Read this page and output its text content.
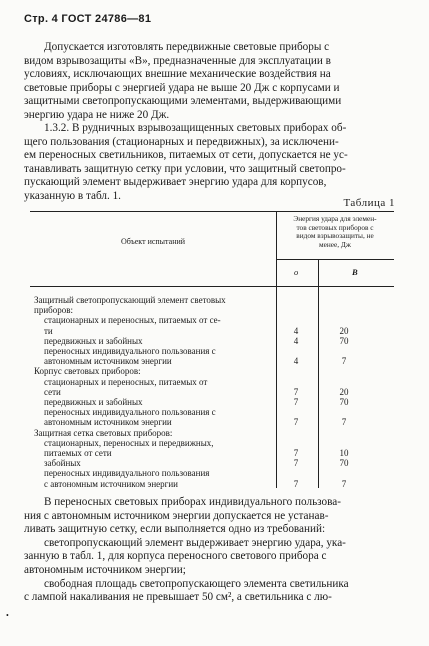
Стр. 4 ГОСТ 24786—81
Допускается изготовлять передвижные световые приборы с
видом взрывозащиты «В», предназначенные для эксплуатации в
условиях, исключающих внешние механические воздействия на
световые приборы с энергией удара не выше 20 Дж с корпусами и
защитными светопропускающими элементами, выдерживающими
энергию удара не ниже 20 Дж.
1.3.2. В рудничных взрывозащищенных световых приборах об-
щего пользования (стационарных и передвижных), за исключени-
ем переносных светильников, питаемых от сети, допускается не ус-
танавливать защитную сетку при условии, что защитный светопро-
пускающий элемент выдерживает энергию удара для корпусов,
указанную в табл. 1.
Таблица 1
Объект испытаний
Энергия удара для элемен-
тов световых приборов с
видом взрывозащиты, не
менее, Дж
о	В
Защитный светопропускающий элемент световых
приборов:
стационарных и переносных, питаемых от се-
ти	4	20
передвижных и забойных	4	70
переносных индивидуального пользования с
автономным источником энергии	4	7
Корпус световых приборов:
стационарных и переносных, питаемых от
сети	7	20
передвижных и забойных	7	70
переносных индивидуального пользования с
автономным источником энергии	7	7
Защитная сетка световых приборов:
стационарных, переносных и передвижных,
питаемых от сети	7	10
забойных	7	70
переносных индивидуального пользования
с автономным источником энергии	7	7
В переносных световых приборах индивидуального пользова-
ния с автономным источником энергии допускается не устанав-
ливать защитную сетку, если выполняется одно из требований:
светопропускающий элемент выдерживает энергию удара, ука-
занную в табл. 1, для корпуса переносного светового прибора с
автономным источником энергии;
свободная площадь светопропускающего элемента светильника
с лампой накаливания не превышает 50 см², а светильника с лю-
•
